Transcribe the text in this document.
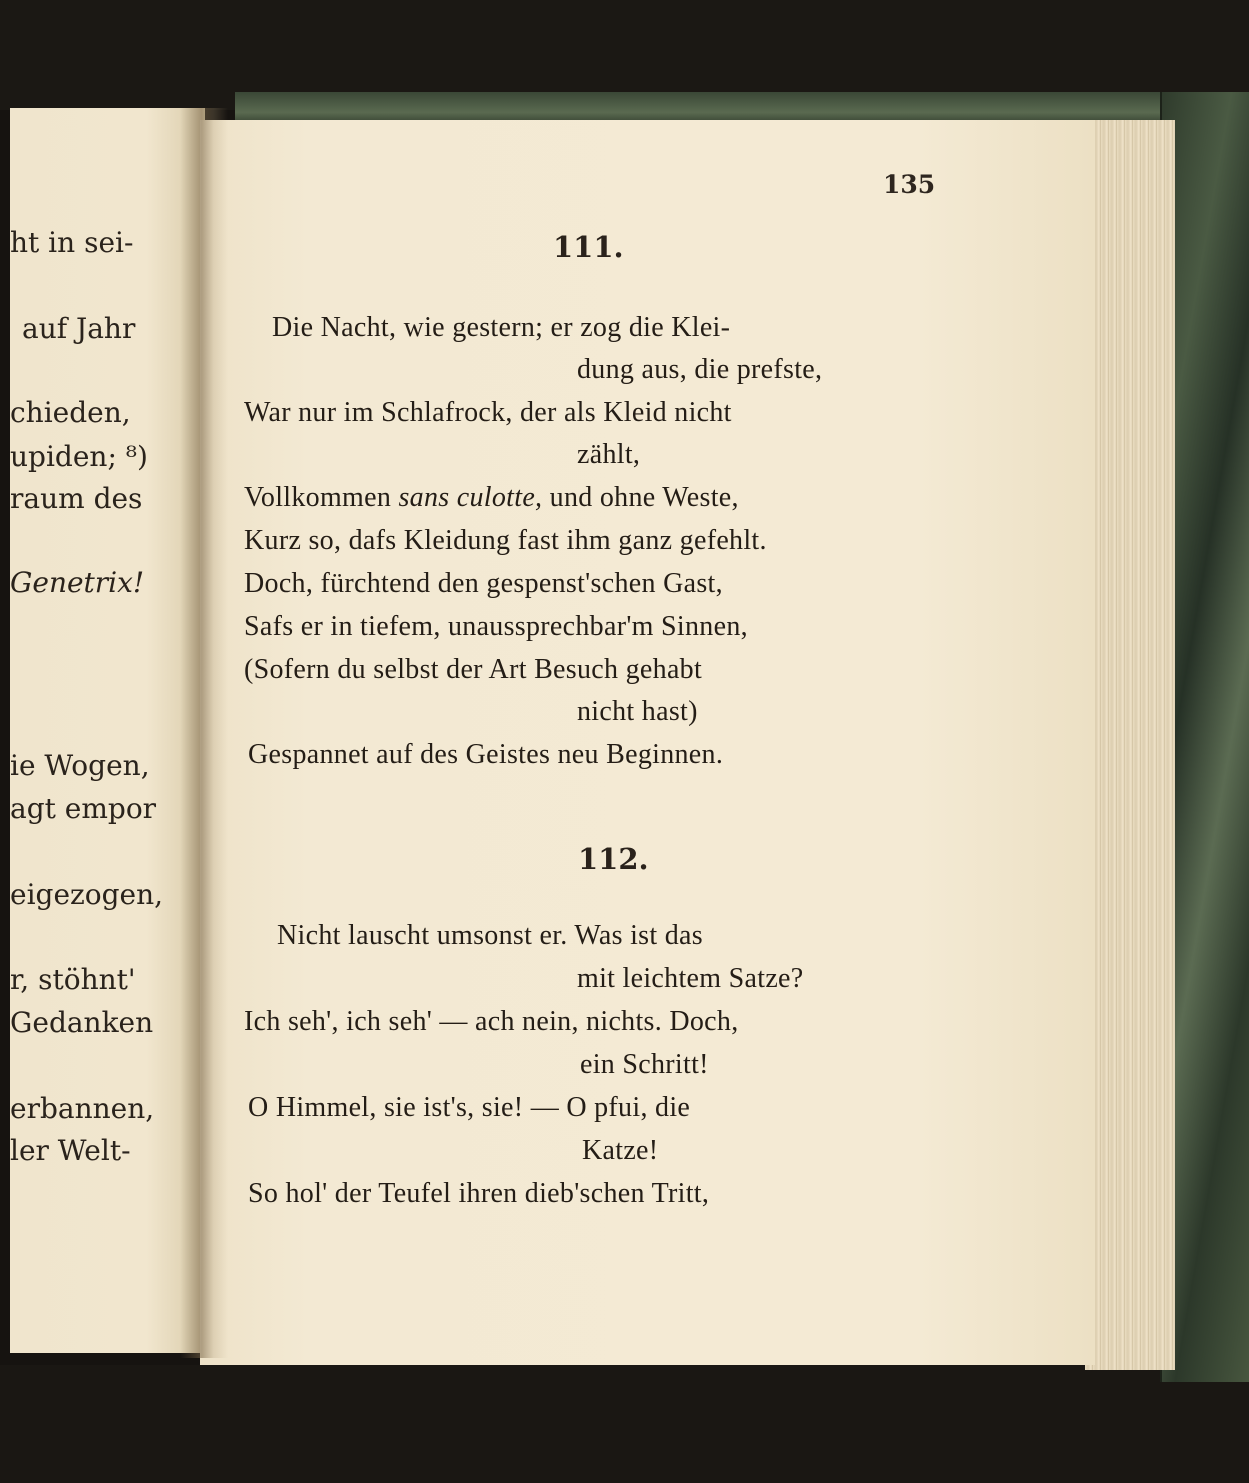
ht in sei-
auf Jahr
chieden,
upiden; ⁸)
raum des
Genetrix!
ie Wogen,
agt empor
eigezogen,
r, stöhnt'
Gedanken
erbannen,
ler Welt-
135
111.
Die Nacht, wie gestern; er zog die Klei-
dung aus, die prefste,
War nur im Schlafrock, der als Kleid nicht
zählt,
Vollkommen sans culotte, und ohne Weste,
Kurz so, dafs Kleidung fast ihm ganz gefehlt.
Doch, fürchtend den gespenst'schen Gast,
Safs er in tiefem, unaussprechbar'm Sinnen,
(Sofern du selbst der Art Besuch gehabt
nicht hast)
Gespannet auf des Geistes neu Beginnen.
112.
Nicht lauscht umsonst er. Was ist das
mit leichtem Satze?
Ich seh', ich seh' — ach nein, nichts. Doch,
ein Schritt!
O Himmel, sie ist's, sie! — O pfui, die
Katze!
So hol' der Teufel ihren dieb'schen Tritt,
